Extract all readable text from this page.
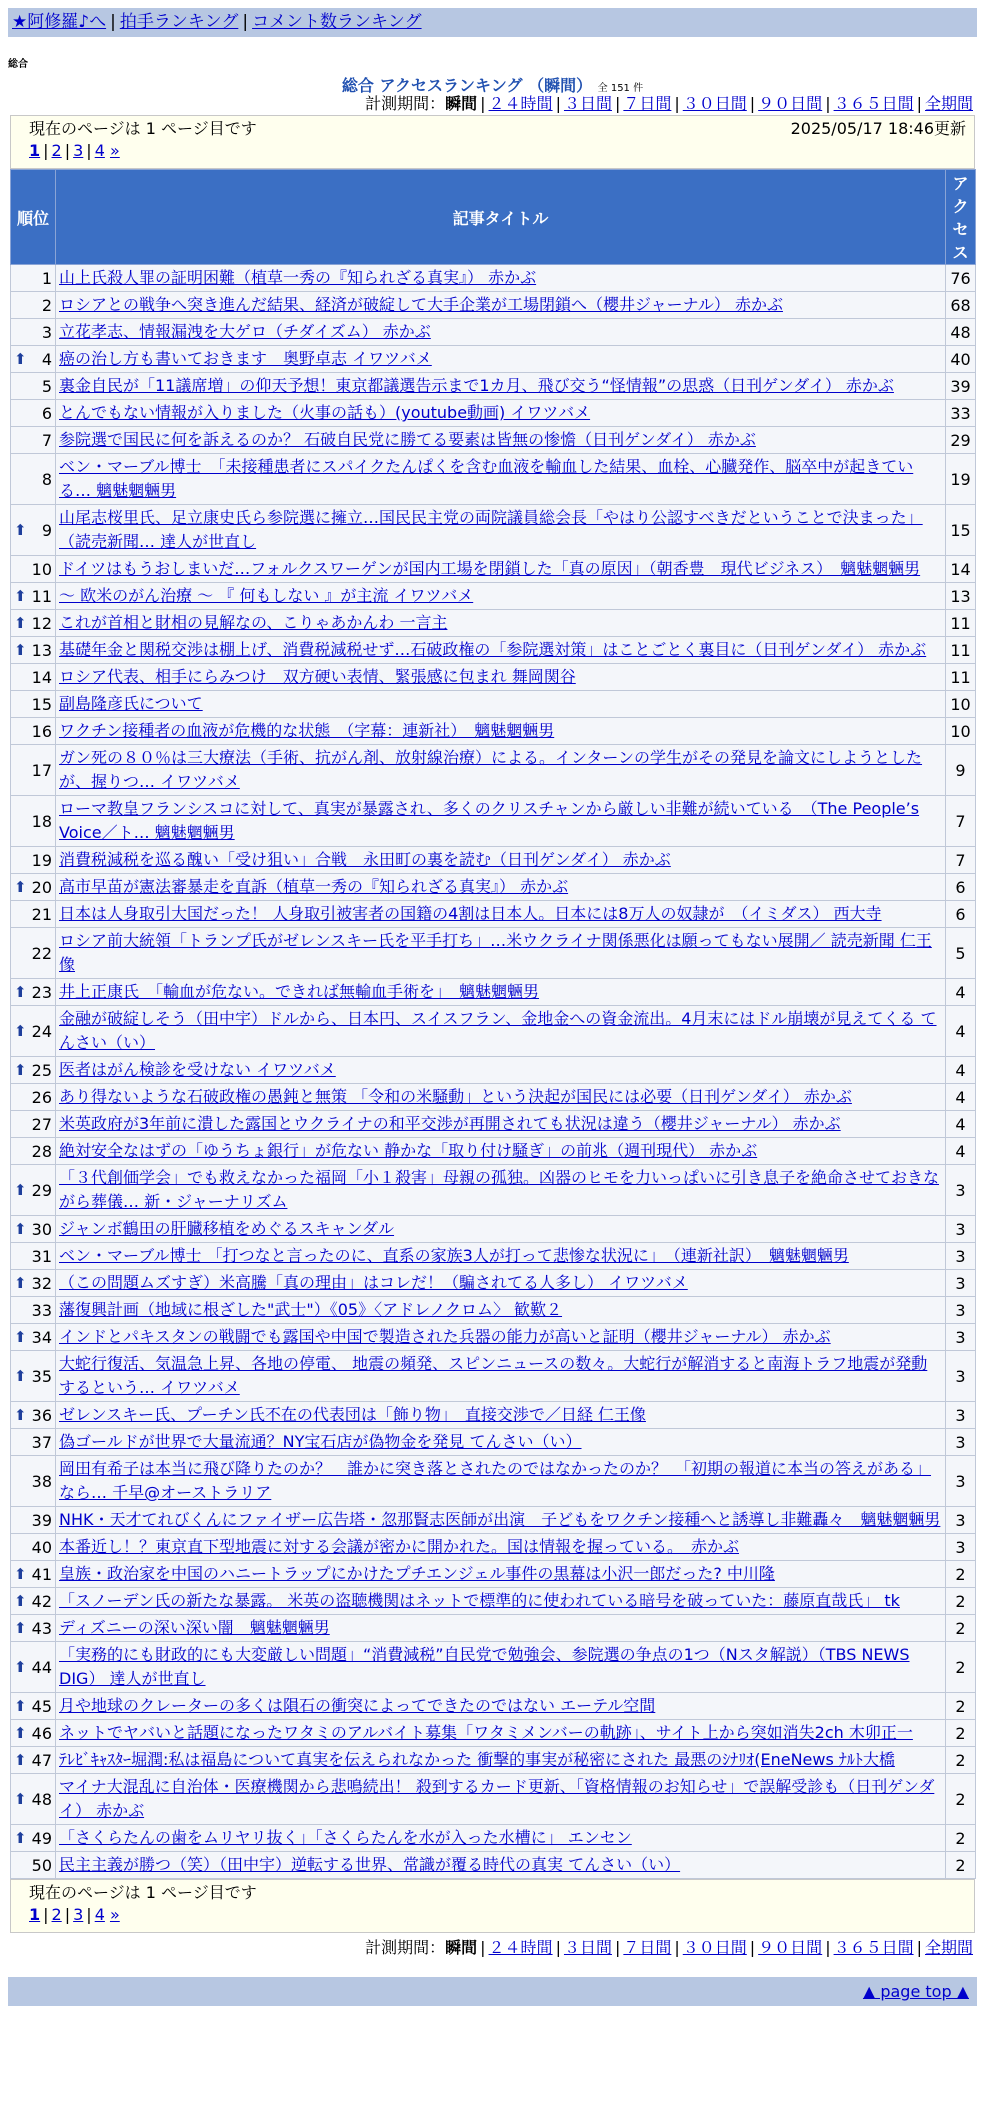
★阿修羅♪へ | 拍手ランキング | コメント数ランキング
総合
総合 アクセスランキング （瞬間） 全 151 件
計測期間：瞬間 | ２４時間 | ３日間 | ７日間 | ３０日間 | ９０日間 | ３６５日間 | 全期間
現在のページは 1 ページ目です	2025/05/17 18:46更新
1 | 2 | 3 | 4 »
順位	記事タイトル	アクセス
1	山上氏殺人罪の証明困難（植草一秀の『知られざる真実』） 赤かぶ	76
2	ロシアとの戦争へ突き進んだ結果、経済が破綻して大手企業が工場閉鎖へ（櫻井ジャーナル） 赤かぶ	68
3	立花孝志、情報漏洩を大ゲロ（チダイズム） 赤かぶ	48

⬆ 4	癌の治し方も書いておきます　奥野卓志 イワツバメ	40
5	裏金自民が「11議席増」の仰天予想！東京都議選告示まで1カ月、飛び交う“怪情報”の思惑（日刊ゲンダイ） 赤かぶ	39
6	とんでもない情報が入りました（火事の話も）(youtube動画) イワツバメ	33
7	参院選で国民に何を訴えるのか？ 石破自民党に勝てる要素は皆無の惨憺（日刊ゲンダイ） 赤かぶ	29
8	ベン・マーブル博士　「未接種患者にスパイクたんぱくを含む血液を輸血した結果、血栓、心臓発作、脳卒中が起きている… 魑魅魍魎男	19

⬆ 9	山尾志桜里氏、足立康史氏ら参院選に擁立…国民民主党の両院議員総会長「やはり公認すべきだということで決まった」（読売新聞… 達人が世直し	15
10	ドイツはもうおしまいだ…フォルクスワーゲンが国内工場を閉鎖した「真の原因」（朝香豊　現代ビジネス）　魑魅魍魎男	14

⬆ 11	～ 欧米のがん治療 ～ 『 何もしない 』が主流 イワツバメ	13

⬆ 12	これが首相と財相の見解なの、こりゃあかんわ 一言主	11

⬆ 13	基礎年金と関税交渉は棚上げ、消費税減税せず…石破政権の「参院選対策」はことごとく裏目に（日刊ゲンダイ） 赤かぶ	11
14	ロシア代表、相手にらみつけ　双方硬い表情、緊張感に包まれ 舞岡関谷	11
15	副島隆彦氏について	10
16	ワクチン接種者の血液が危機的な状態　（字幕：連新社）　魑魅魍魎男	10
17	ガン死の８０％は三大療法（手術、抗がん剤、放射線治療）による。インターンの学生がその発見を論文にしようとしたが、握りつ… イワツバメ	9
18	ローマ教皇フランシスコに対して、真実が暴露され、多くのクリスチャンから厳しい非難が続いている　（The People’s Voice／ト… 魑魅魍魎男	7
19	消費税減税を巡る醜い「受け狙い」合戦　永田町の裏を読む（日刊ゲンダイ） 赤かぶ	7

⬆ 20	高市早苗が憲法審暴走を直訴（植草一秀の『知られざる真実』） 赤かぶ	6
21	日本は人身取引大国だった！ 人身取引被害者の国籍の4割は日本人。日本には8万人の奴隷が　（イミダス） 西大寺	6
22	ロシア前大統領「トランプ氏がゼレンスキー氏を平手打ち」…米ウクライナ関係悪化は願ってもない展開／ 読売新聞 仁王像	5

⬆ 23	井上正康氏　「輸血が危ない。できれば無輸血手術を」　魑魅魍魎男	4

⬆ 24	金融が破綻しそう（田中宇）ドルから、日本円、スイスフラン、金地金への資金流出。4月末にはドル崩壊が見えてくる てんさい（い）	4

⬆ 25	医者はがん検診を受けない イワツバメ	4
26	あり得ないような石破政権の愚鈍と無策 「令和の米騒動」という決起が国民には必要（日刊ゲンダイ） 赤かぶ	4
27	米英政府が3年前に潰した露国とウクライナの和平交渉が再開されても状況は違う（櫻井ジャーナル） 赤かぶ	4
28	絶対安全なはずの「ゆうちょ銀行」が危ない 静かな「取り付け騒ぎ」の前兆（週刊現代） 赤かぶ	4

⬆ 29	「３代創価学会」でも救えなかった福岡「小１殺害」母親の孤独。凶器のヒモを力いっぱいに引き息子を絶命させておきながら葬儀… 新・ジャーナリズム	3

⬆ 30	ジャンボ鶴田の肝臓移植をめぐるスキャンダル	3
31	ベン・マーブル博士 「打つなと言ったのに、直系の家族3人が打って悲惨な状況に」　（連新社訳）　魑魅魍魎男	3

⬆ 32	（この問題ムズすぎ）米高騰「真の理由」はコレだ！（騙されてる人多し） イワツバメ	3
33	藩復興計画（地域に根ざした"武士"）《05》〈アドレノクロム〉 歓歎２	3

⬆ 34	インドとパキスタンの戦闘でも露国や中国で製造された兵器の能力が高いと証明（櫻井ジャーナル） 赤かぶ	3

⬆ 35	大蛇行復活、気温急上昇、各地の停電、 地震の頻発、スピンニュースの数々。大蛇行が解消すると南海トラフ地震が発動するという… イワツバメ	3

⬆ 36	ゼレンスキー氏、プーチン氏不在の代表団は「飾り物」　直接交渉で／日経 仁王像	3
37	偽ゴールドが世界で大量流通？NY宝石店が偽物金を発見 てんさい（い）	3
38	岡田有希子は本当に飛び降りたのか？　誰かに突き落とされたのではなかったのか？　「初期の報道に本当の答えがある」なら… 千早@オーストラリア	3
39	NHK・天才てれびくんにファイザー広告塔・忽那賢志医師が出演　子どもをワクチン接種へと誘導し非難轟々　魑魅魍魎男	3
40	本番近し！？東京直下型地震に対する会議が密かに開かれた。国は情報を握っている。　赤かぶ	3

⬆ 41	皇族・政治家を中国のハニートラップにかけたプチエンジェル事件の黒幕は小沢一郎だった? 中川隆	2

⬆ 42	「スノーデン氏の新たな暴露。 米英の盗聴機関はネットで標準的に使われている暗号を破っていた：藤原直哉氏」 tk	2

⬆ 43	ディズニーの深い深い闇　魑魅魍魎男	2

⬆ 44	「実務的にも財政的にも大変厳しい問題」“消費減税”自民党で勉強会、参院選の争点の1つ（Nスタ解説）（TBS NEWS DIG） 達人が世直し	2

⬆ 45	月や地球のクレーターの多くは隕石の衝突によってできたのではない エーテル空間	2

⬆ 46	ネットでヤバいと話題になったワタミのアルバイト募集「ワタミメンバーの軌跡」、サイト上から突如消失2ch 木卯正一	2

⬆ 47	ﾃﾚﾋﾞｷｬｽﾀｰ堀潤:私は福島について真実を伝えられなかった 衝撃的事実が秘密にされた 最悪のｼﾅﾘｵ(EneNews ﾅﾙﾄ大橋	2

⬆ 48	マイナ大混乱に自治体・医療機関から悲鳴続出！ 殺到するカード更新、「資格情報のお知らせ」で誤解受診も（日刊ゲンダイ） 赤かぶ	2

⬆ 49	「さくらたんの歯をムリヤリ抜く」「さくらたんを水が入った水槽に」 エンセン	2
50	民主主義が勝つ（笑）（田中宇）逆転する世界、常識が覆る時代の真実 てんさい（い）	2
現在のページは 1 ページ目です
1 | 2 | 3 | 4 »
計測期間：瞬間 | ２４時間 | ３日間 | ７日間 | ３０日間 | ９０日間 | ３６５日間 | 全期間
▲ page top ▲
